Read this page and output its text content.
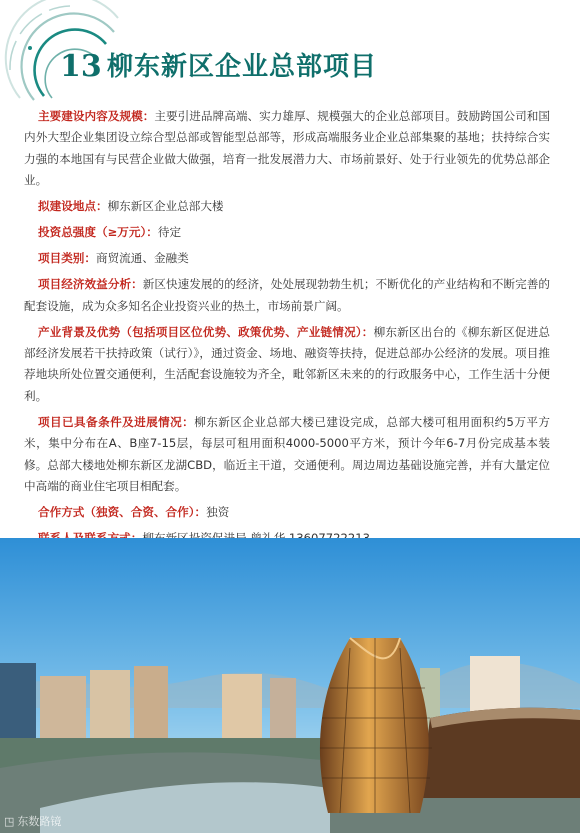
13 柳东新区企业总部项目

主要建设内容及规模：主要引进品牌高端、实力雄厚、规模强大的企业总部项目。鼓励跨国公司和国内外大型企业集团设立综合型总部或智能型总部等，形成高端服务业企业总部集聚的基地；扶持综合实力强的本地国有与民营企业做大做强，培育一批发展潜力大、市场前景好、处于行业领先的优势总部企业。

拟建设地点：柳东新区企业总部大楼

投资总强度（≥万元）：待定

项目类别：商贸流通、金融类

项目经济效益分析：新区快速发展的的经济，处处展现勃勃生机；不断优化的产业结构和不断完善的配套设施，成为众多知名企业投资兴业的热土，市场前景广阔。

产业背景及优势（包括项目区位优势、政策优势、产业链情况）：柳东新区出台的《柳东新区促进总部经济发展若干扶持政策（试行）》，通过资金、场地、融资等扶持，促进总部办公经济的发展。项目推荐地块所处位置交通便利，生活配套设施较为齐全，毗邻新区未来的的行政服务中心，工作生活十分便利。

项目已具备条件及进展情况：柳东新区企业总部大楼已建设完成，总部大楼可租用面积约5万平方米，集中分布在A、B座7-15层，每层可租用面积4000-5000平方米，预计今年6-7月份完成基本装修。总部大楼地处柳东新区龙湖CBD，临近主干道，交通便利。周边周边基础设施完善，并有大量定位中高端的商业住宅项目相配套。

合作方式（独资、合资、合作）：独资

◳ 东数路镜
